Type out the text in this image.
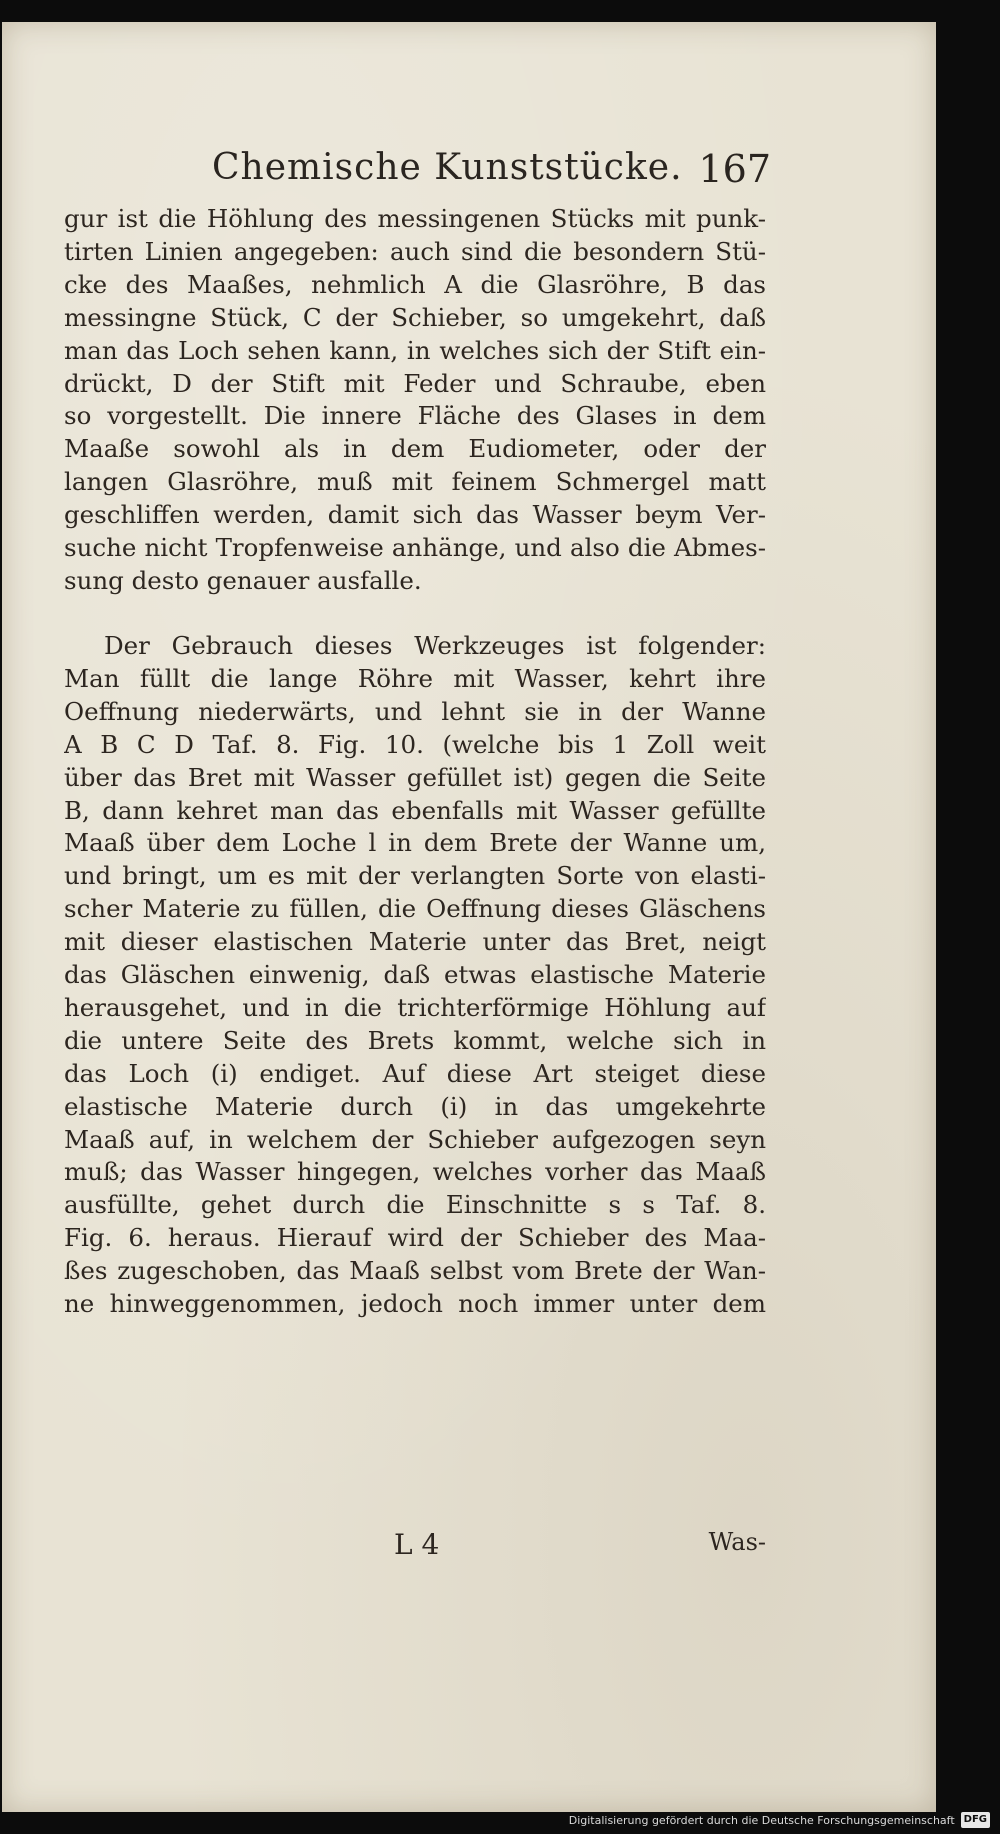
Chemische Kunststücke. 167
gur ist die Höhlung des messingenen Stücks mit punk-
tirten Linien angegeben: auch sind die besondern Stü-
cke des Maaßes, nehmlich A die Glasröhre, B das
messingne Stück, C der Schieber, so umgekehrt, daß
man das Loch sehen kann, in welches sich der Stift ein-
drückt, D der Stift mit Feder und Schraube, eben
so vorgestellt. Die innere Fläche des Glases in dem
Maaße sowohl als in dem Eudiometer, oder der
langen Glasröhre, muß mit feinem Schmergel matt
geschliffen werden, damit sich das Wasser beym Ver-
suche nicht Tropfenweise anhänge, und also die Abmes-
sung desto genauer ausfalle.
Der Gebrauch dieses Werkzeuges ist folgender:
Man füllt die lange Röhre mit Wasser, kehrt ihre
Oeffnung niederwärts, und lehnt sie in der Wanne
A B C D Taf. 8. Fig. 10. (welche bis 1 Zoll weit
über das Bret mit Wasser gefüllet ist) gegen die Seite
B, dann kehret man das ebenfalls mit Wasser gefüllte
Maaß über dem Loche l in dem Brete der Wanne um,
und bringt, um es mit der verlangten Sorte von elasti-
scher Materie zu füllen, die Oeffnung dieses Gläschens
mit dieser elastischen Materie unter das Bret, neigt
das Gläschen einwenig, daß etwas elastische Materie
herausgehet, und in die trichterförmige Höhlung auf
die untere Seite des Brets kommt, welche sich in
das Loch (i) endiget. Auf diese Art steiget diese
elastische Materie durch (i) in das umgekehrte
Maaß auf, in welchem der Schieber aufgezogen seyn
muß; das Wasser hingegen, welches vorher das Maaß
ausfüllte, gehet durch die Einschnitte s s Taf. 8.
Fig. 6. heraus. Hierauf wird der Schieber des Maa-
ßes zugeschoben, das Maaß selbst vom Brete der Wan-
ne hinweggenommen, jedoch noch immer unter dem
L 4	Was-
Digitalisierung gefördert durch die Deutsche Forschungsgemeinschaft DFG
